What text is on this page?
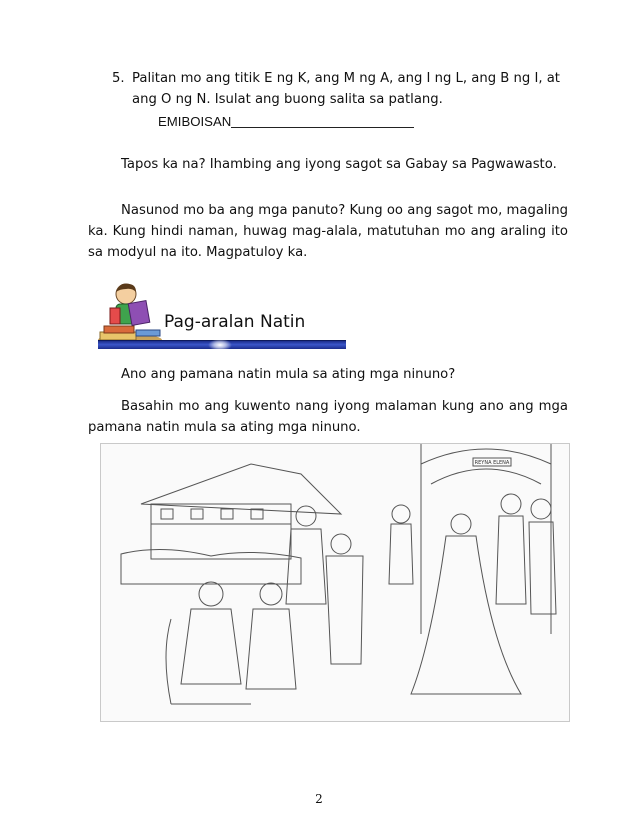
5. Palitan mo ang titik E ng K, ang M ng A, ang I ng L, ang B ng I, at ang O ng N. Isulat ang buong salita sa patlang.
EMIBOISAN
Tapos ka na? Ihambing ang iyong sagot sa Gabay sa Pagwawasto.
Nasunod mo ba ang mga panuto? Kung oo ang sagot mo, magaling ka. Kung hindi naman, huwag mag-alala, matutuhan mo ang araling ito sa modyul na ito. Magpatuloy ka.
Pag-aralan Natin
Ano ang pamana natin mula sa ating mga ninuno?
Basahin mo ang kuwento nang iyong malaman kung ano ang mga pamana natin mula sa ating mga ninuno.
REYNA ELENA
2
